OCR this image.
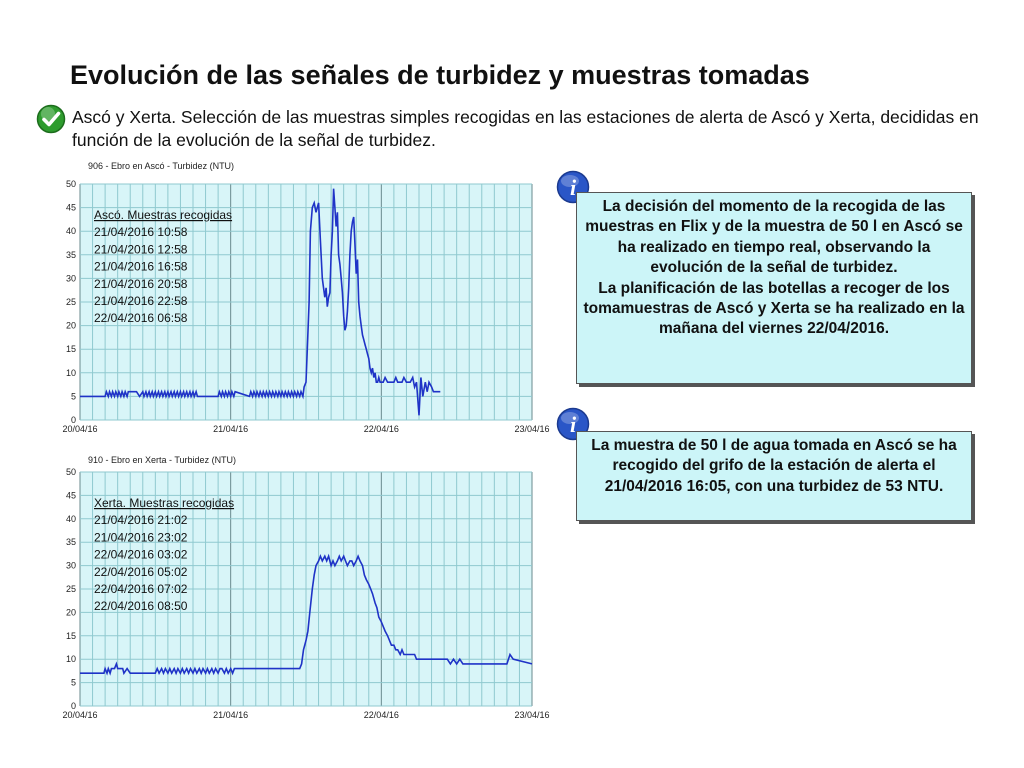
Evolución de las señales de turbidez y muestras tomadas
Ascó y Xerta. Selección de las muestras simples recogidas en las estaciones de alerta de Ascó y Xerta, decididas en función de la evolución de la señal de turbidez.
906 - Ebro en Ascó - Turbidez (NTU)
0
5
10
15
20
25
30
35
40
45
50
20/04/16	21/04/16	22/04/16	23/04/16
Ascó. Muestras recogidas
21/04/2016 10:58
21/04/2016 12:58
21/04/2016 16:58
21/04/2016 20:58
21/04/2016 22:58
22/04/2016 06:58
910 - Ebro en Xerta - Turbidez (NTU)
0
5
10
15
20
25
30
35
40
45
50
20/04/16	21/04/16	22/04/16	23/04/16
Xerta. Muestras recogidas
21/04/2016 21:02
21/04/2016 23:02
22/04/2016 03:02
22/04/2016 05:02
22/04/2016 07:02
22/04/2016 08:50
i
La decisión del momento de la recogida de las muestras en Flix y de la muestra de 50 l en Ascó se ha realizado en tiempo real, observando la evolución de la señal de turbidez.
La planificación de las botellas a recoger de los tomamuestras de Ascó y Xerta se ha realizado en la mañana del viernes 22/04/2016.
i
La muestra de 50 l de agua tomada en Ascó se ha recogido del grifo de la estación de alerta el 21/04/2016 16:05, con una turbidez de 53 NTU.
